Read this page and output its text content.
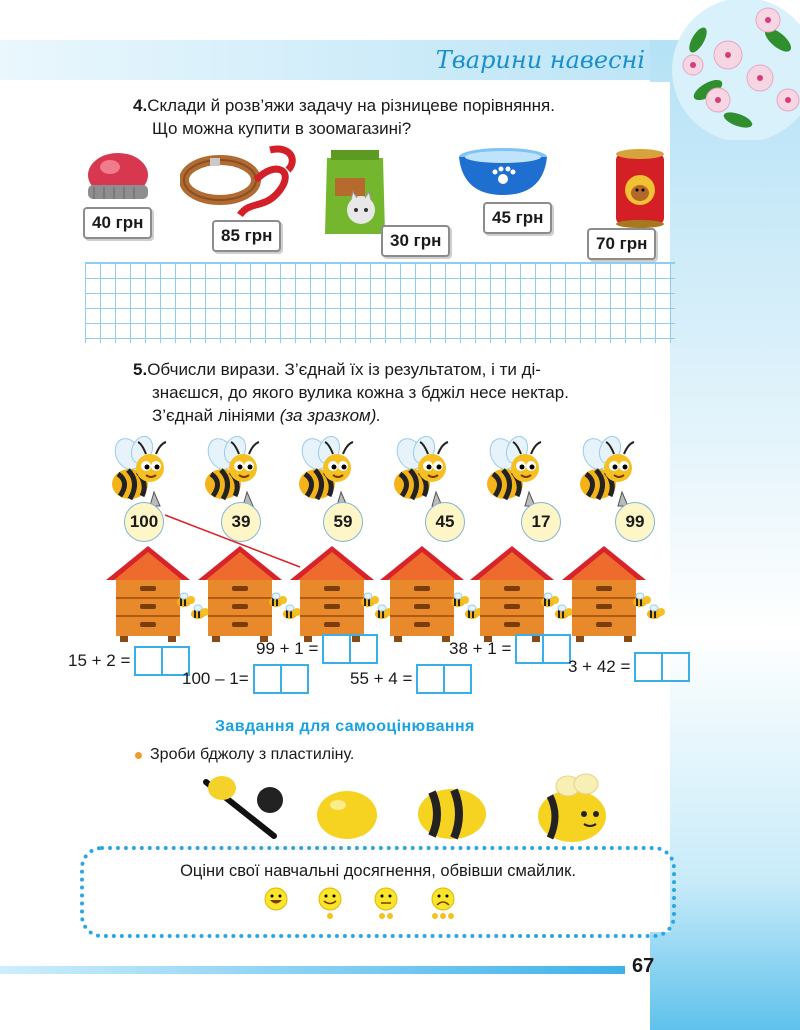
Тварини навесні
4.Склади й розв’яжи задачу на різницеве порівняння.
Що можна купити в зоомагазині?
40 грн
85 грн	30 грн
45 грн
70 грн
5.Обчисли вирази. З’єднай їх із результатом, і ти ді-
знаєшся, до якого вулика кожна з бджіл несе нектар.
З’єднай лініями (за зразком).
100	39	59	45	17	99
15 + 2 =
99 + 1 =
100 – 1=
38 + 1 =
55 + 4 =
3 + 42 =
Завдання для самооцінювання
Зроби бджолу з пластиліну.
Оціни свої навчальні досягнення, обвівши смайлик.
67
